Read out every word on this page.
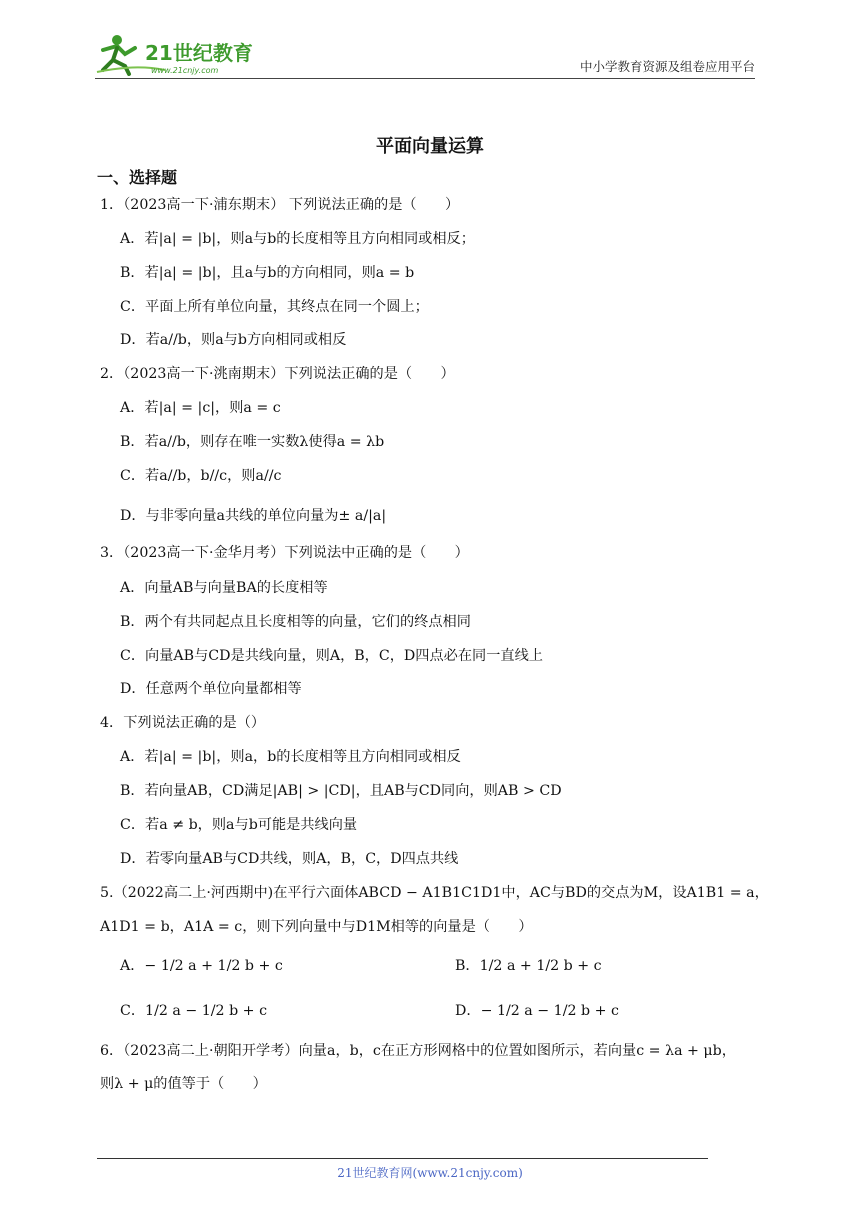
21世纪教育
www.21cnjy.com	中小学教育资源及组卷应用平台
平面向量运算
一、选择题
1．（2023高一下·浦东期末） 下列说法正确的是（　　）
A．若|a| = |b|，则a与b的长度相等且方向相同或相反；
B．若|a| = |b|，且a与b的方向相同，则a = b
C．平面上所有单位向量，其终点在同一个圆上；
D．若a//b，则a与b方向相同或相反
2．（2023高一下·洮南期末）下列说法正确的是（　　）
A．若|a| = |c|，则a = c
B．若a//b，则存在唯一实数λ使得a = λb
C．若a//b，b//c，则a//c
D．与非零向量a共线的单位向量为± a/|a|
3．（2023高一下·金华月考）下列说法中正确的是（　　）
A．向量AB与向量BA的长度相等
B．两个有共同起点且长度相等的向量，它们的终点相同
C．向量AB与CD是共线向量，则A，B，C，D四点必在同一直线上
D．任意两个单位向量都相等
4．下列说法正确的是（）
A．若|a| = |b|，则a，b的长度相等且方向相同或相反
B．若向量AB，CD满足|AB| > |CD|，且AB与CD同向，则AB > CD
C．若a ≠ b，则a与b可能是共线向量
D．若零向量AB与CD共线，则A，B，C，D四点共线
5.（2022高二上·河西期中)在平行六面体ABCD − A1B1C1D1中，AC与BD的交点为M，设A1B1 = a，
A1D1 = b，A1A = c，则下列向量中与D1M相等的向量是（　　）
A．− 1/2 a + 1/2 b + c	B．1/2 a + 1/2 b + c
C．1/2 a − 1/2 b + c	D．− 1/2 a − 1/2 b + c
6．（2023高二上·朝阳开学考）向量a，b，c在正方形网格中的位置如图所示，若向量c = λa + μb，
则λ + μ的值等于（　　）
21世纪教育网(www.21cnjy.com)
